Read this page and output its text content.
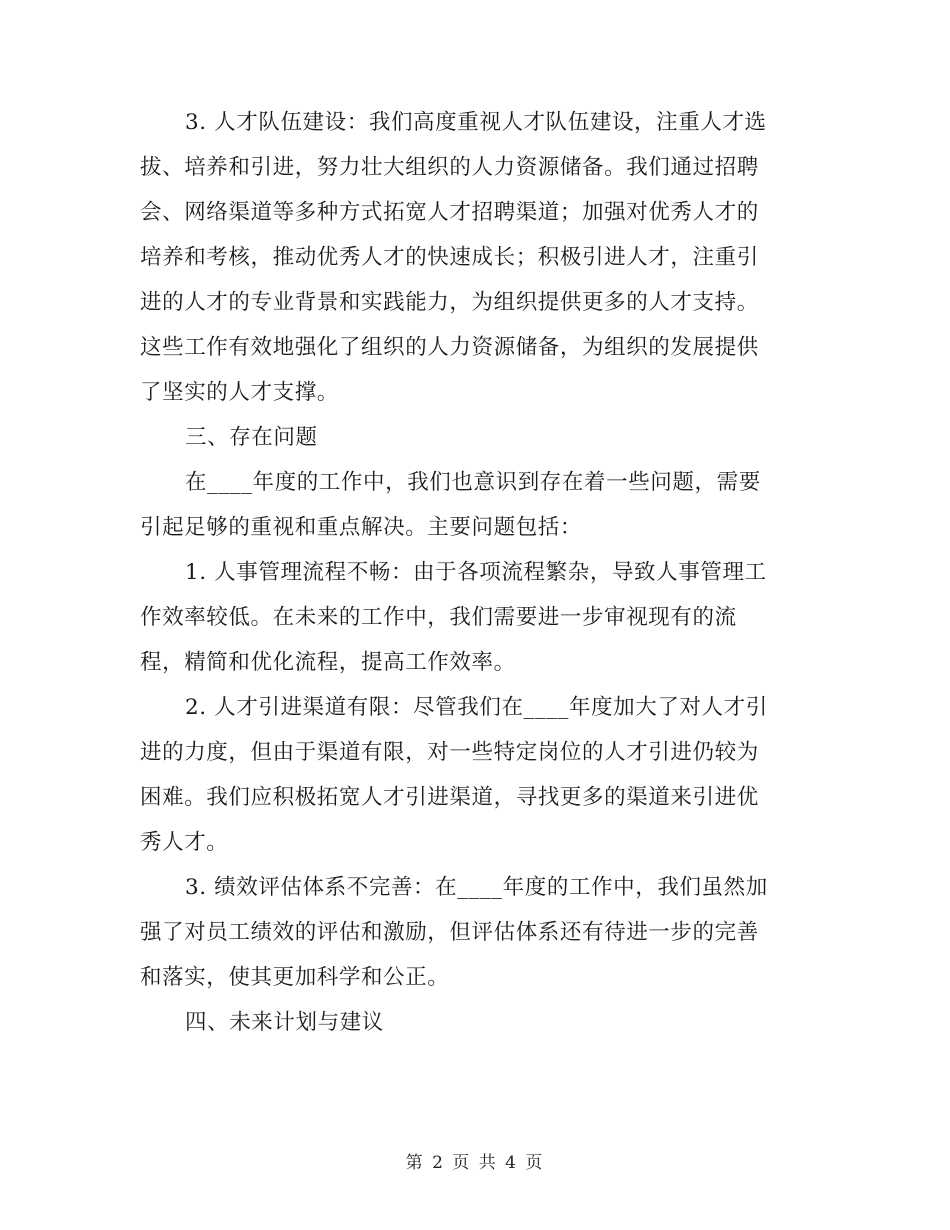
3. 人才队伍建设：我们高度重视人才队伍建设，注重人才选
拔、培养和引进，努力壮大组织的人力资源储备。我们通过招聘
会、网络渠道等多种方式拓宽人才招聘渠道；加强对优秀人才的
培养和考核，推动优秀人才的快速成长；积极引进人才，注重引
进的人才的专业背景和实践能力，为组织提供更多的人才支持。
这些工作有效地强化了组织的人力资源储备，为组织的发展提供
了坚实的人才支撑。
三、存在问题
在____年度的工作中，我们也意识到存在着一些问题，需要
引起足够的重视和重点解决。主要问题包括：
1. 人事管理流程不畅：由于各项流程繁杂，导致人事管理工
作效率较低。在未来的工作中，我们需要进一步审视现有的流
程，精简和优化流程，提高工作效率。
2. 人才引进渠道有限：尽管我们在____年度加大了对人才引
进的力度，但由于渠道有限，对一些特定岗位的人才引进仍较为
困难。我们应积极拓宽人才引进渠道，寻找更多的渠道来引进优
秀人才。
3. 绩效评估体系不完善：在____年度的工作中，我们虽然加
强了对员工绩效的评估和激励，但评估体系还有待进一步的完善
和落实，使其更加科学和公正。
四、未来计划与建议
第 2 页 共 4 页
